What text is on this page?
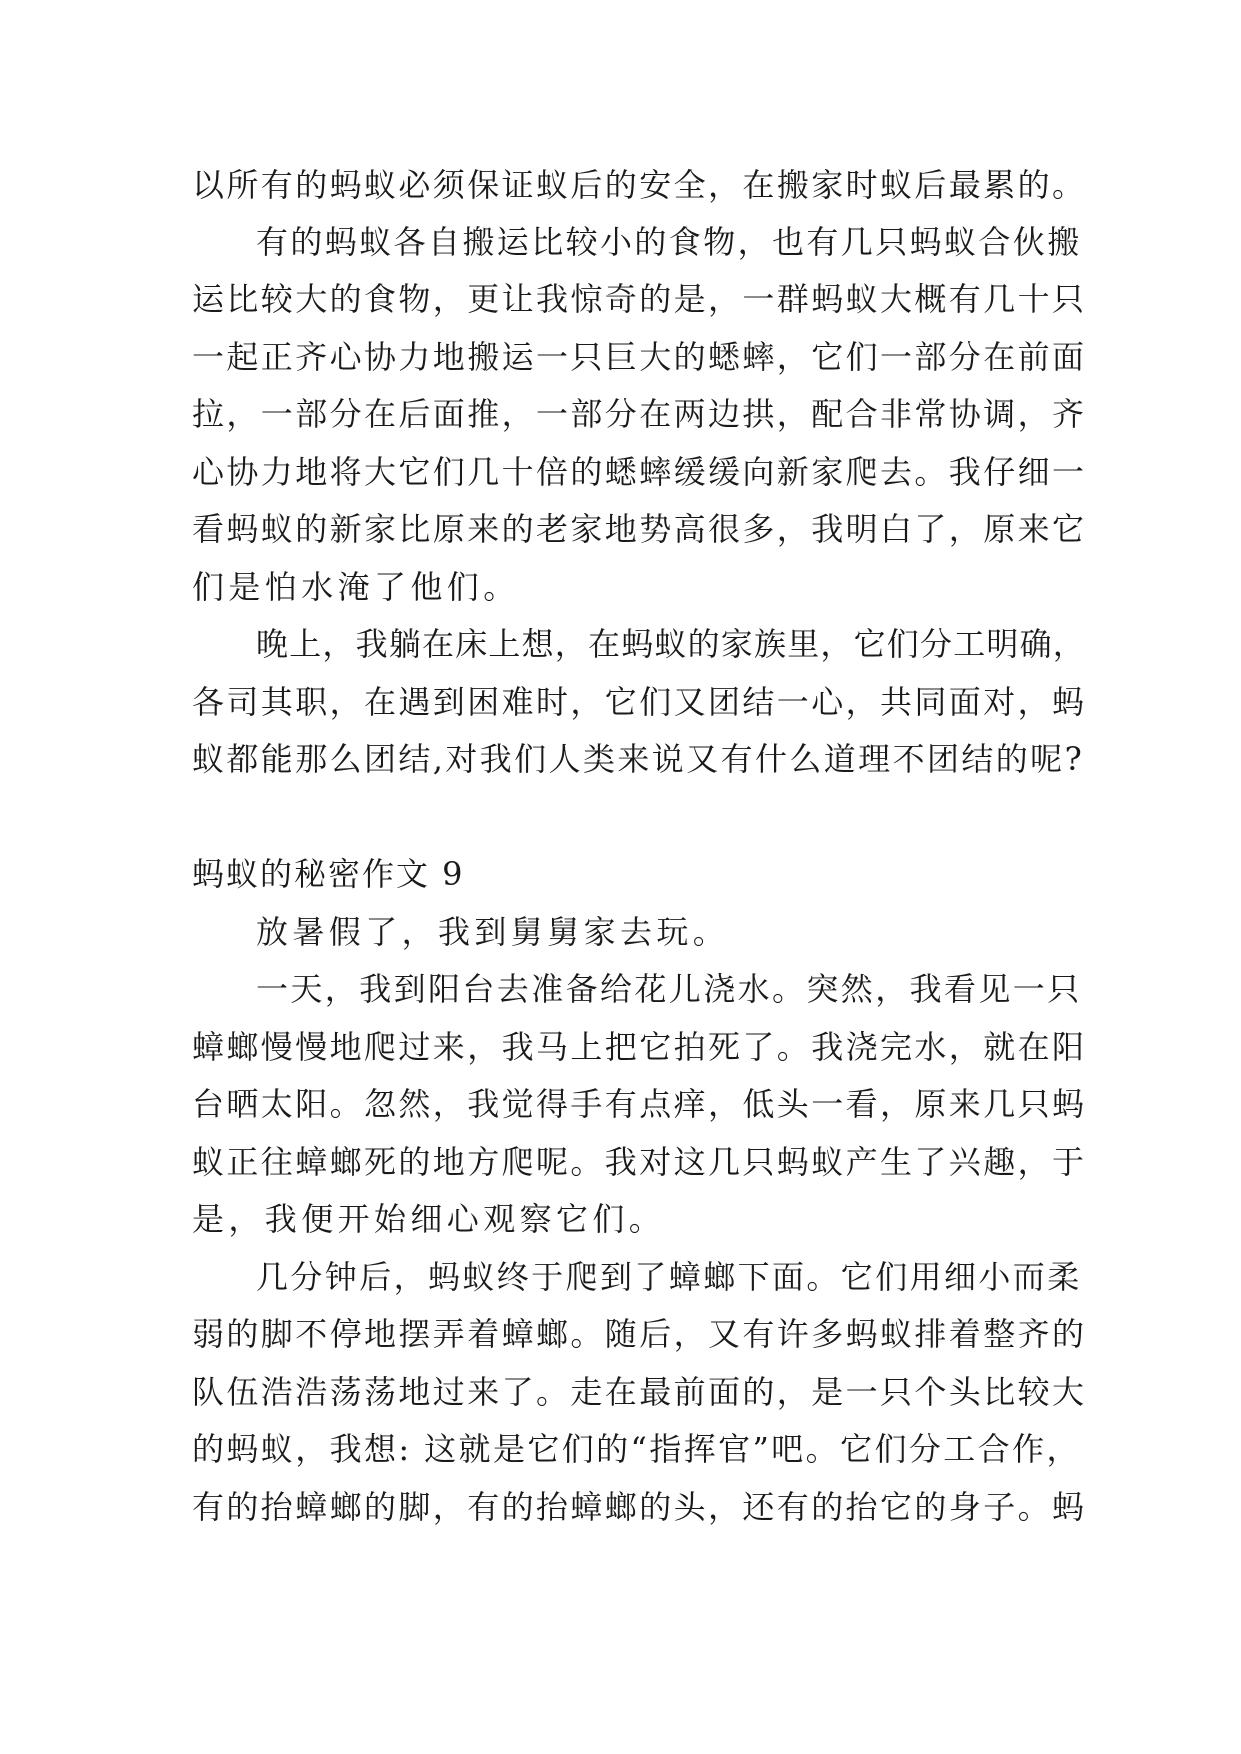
以所有的蚂蚁必须保证蚁后的安全，在搬家时蚁后最累的。
有的蚂蚁各自搬运比较小的食物，也有几只蚂蚁合伙搬
运比较大的食物，更让我惊奇的是，一群蚂蚁大概有几十只
一起正齐心协力地搬运一只巨大的蟋蟀，它们一部分在前面
拉，一部分在后面推，一部分在两边拱，配合非常协调，齐
心协力地将大它们几十倍的蟋蟀缓缓向新家爬去。我仔细一
看蚂蚁的新家比原来的老家地势高很多，我明白了，原来它
们是怕水淹了他们。
晚上，我躺在床上想，在蚂蚁的家族里，它们分工明确，
各司其职，在遇到困难时，它们又团结一心，共同面对，蚂
蚁都能那么团结,对我们人类来说又有什么道理不团结的呢?
蚂蚁的秘密作文 9
放暑假了，我到舅舅家去玩。
一天，我到阳台去准备给花儿浇水。突然，我看见一只
蟑螂慢慢地爬过来，我马上把它拍死了。我浇完水，就在阳
台晒太阳。忽然，我觉得手有点痒，低头一看，原来几只蚂
蚁正往蟑螂死的地方爬呢。我对这几只蚂蚁产生了兴趣，于
是，我便开始细心观察它们。
几分钟后，蚂蚁终于爬到了蟑螂下面。它们用细小而柔
弱的脚不停地摆弄着蟑螂。随后，又有许多蚂蚁排着整齐的
队伍浩浩荡荡地过来了。走在最前面的，是一只个头比较大
的蚂蚁，我想: 这就是它们的“指挥官”吧。它们分工合作，
有的抬蟑螂的脚，有的抬蟑螂的头，还有的抬它的身子。蚂
